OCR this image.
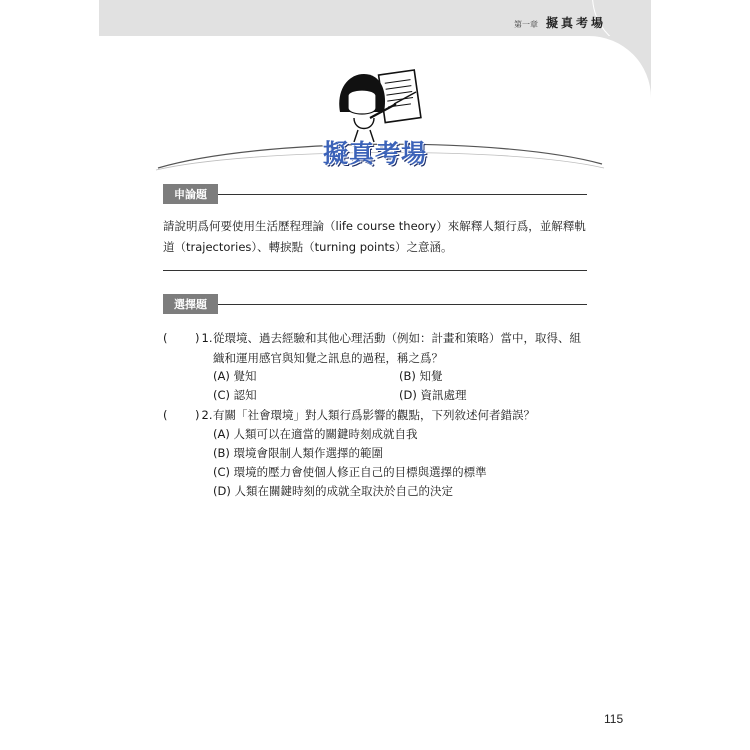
第一章 擬真考場
擬真考場
申論題
請說明爲何要使用生活歷程理論（life course theory）來解釋人類行爲，並解釋軌道（trajectories）、轉捩點（turning points）之意涵。
選擇題
( ) 1. 從環境、過去經驗和其他心理活動（例如：計畫和策略）當中，取得、組織和運用感官與知覺之訊息的過程，稱之爲？
(A) 覺知	(B) 知覺
(C) 認知	(D) 資訊處理
( ) 2. 有關「社會環境」對人類行爲影響的觀點，下列敘述何者錯誤？
(A) 人類可以在適當的關鍵時刻成就自我
(B) 環境會限制人類作選擇的範圍
(C) 環境的壓力會使個人修正自己的目標與選擇的標準
(D) 人類在關鍵時刻的成就全取決於自己的決定
115
